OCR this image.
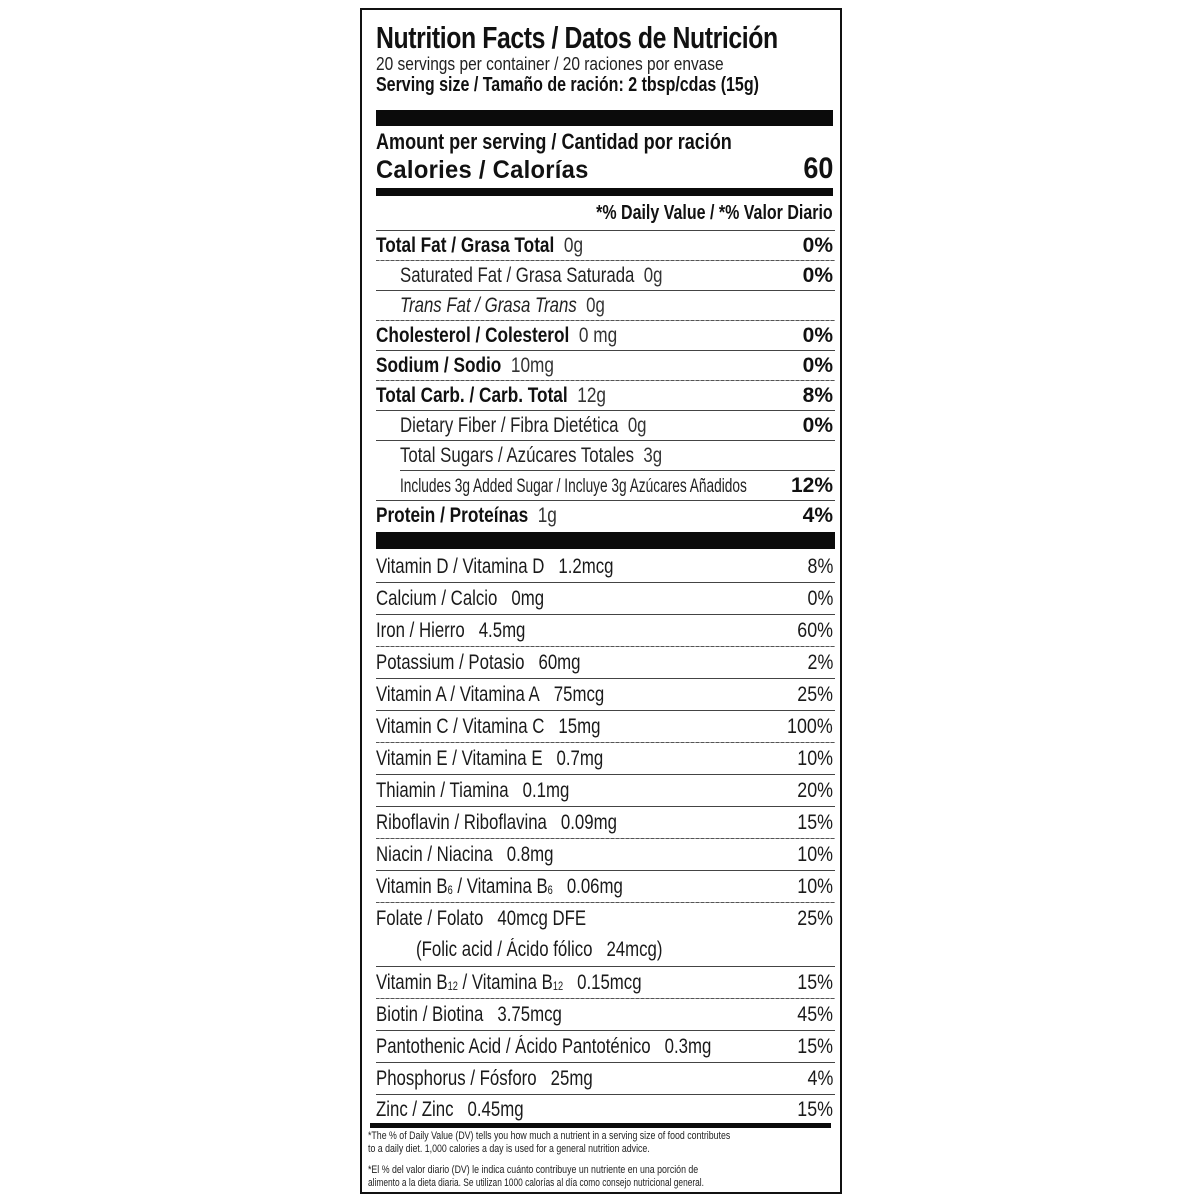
Nutrition Facts / Datos de Nutrición
20 servings per container / 20 raciones por envase
Serving size / Tamaño de ración: 2 tbsp/cdas (15g)
Amount per serving / Cantidad por ración
Calories / Calorías	60
*% Daily Value / *% Valor Diario
Total Fat / Grasa Total 0g	0%
Saturated Fat / Grasa Saturada 0g	0%
Trans Fat / Grasa Trans 0g
Cholesterol / Colesterol 0 mg	0%
Sodium / Sodio 10mg	0%
Total Carb. / Carb. Total 12g	8%
Dietary Fiber / Fibra Dietética 0g	0%
Total Sugars / Azúcares Totales 3g
Includes 3g Added Sugar / Incluye 3g Azúcares Añadidos	12%
Protein / Proteínas 1g	4%
Vitamin D / Vitamina D 1.2mcg	8%
Calcium / Calcio 0mg	0%
Iron / Hierro 4.5mg	60%
Potassium / Potasio 60mg	2%
Vitamin A / Vitamina A 75mcg	25%
Vitamin C / Vitamina C 15mg	100%
Vitamin E / Vitamina E 0.7mg	10%
Thiamin / Tiamina 0.1mg	20%
Riboflavin / Riboflavina 0.09mg	15%
Niacin / Niacina 0.8mg	10%
Vitamin $B_6$ / Vitamina $B_6$ 0.06mg	10%
Folate / Folato 40mcg DFE	25%
(Folic acid / Ácido fólico   24mcg)
Vitamin $B_{12}$ / Vitamina $B_{12}$ 0.15mcg	15%
Biotin / Biotina 3.75mcg	45%
Pantothenic Acid / Ácido Pantoténico 0.3mg	15%
Phosphorus / Fósforo 25mg	4%
Zinc / Zinc 0.45mg	15%
*The % of Daily Value (DV) tells you how much a nutrient in a serving size of food contributes
to a daily diet. 1,000 calories a day is used for a general nutrition advice.
*El % del valor diario (DV) le indica cuánto contribuye un nutriente en una porción de
alimento a la dieta diaria. Se utilizan 1000 calorías al día como consejo nutricional general.
